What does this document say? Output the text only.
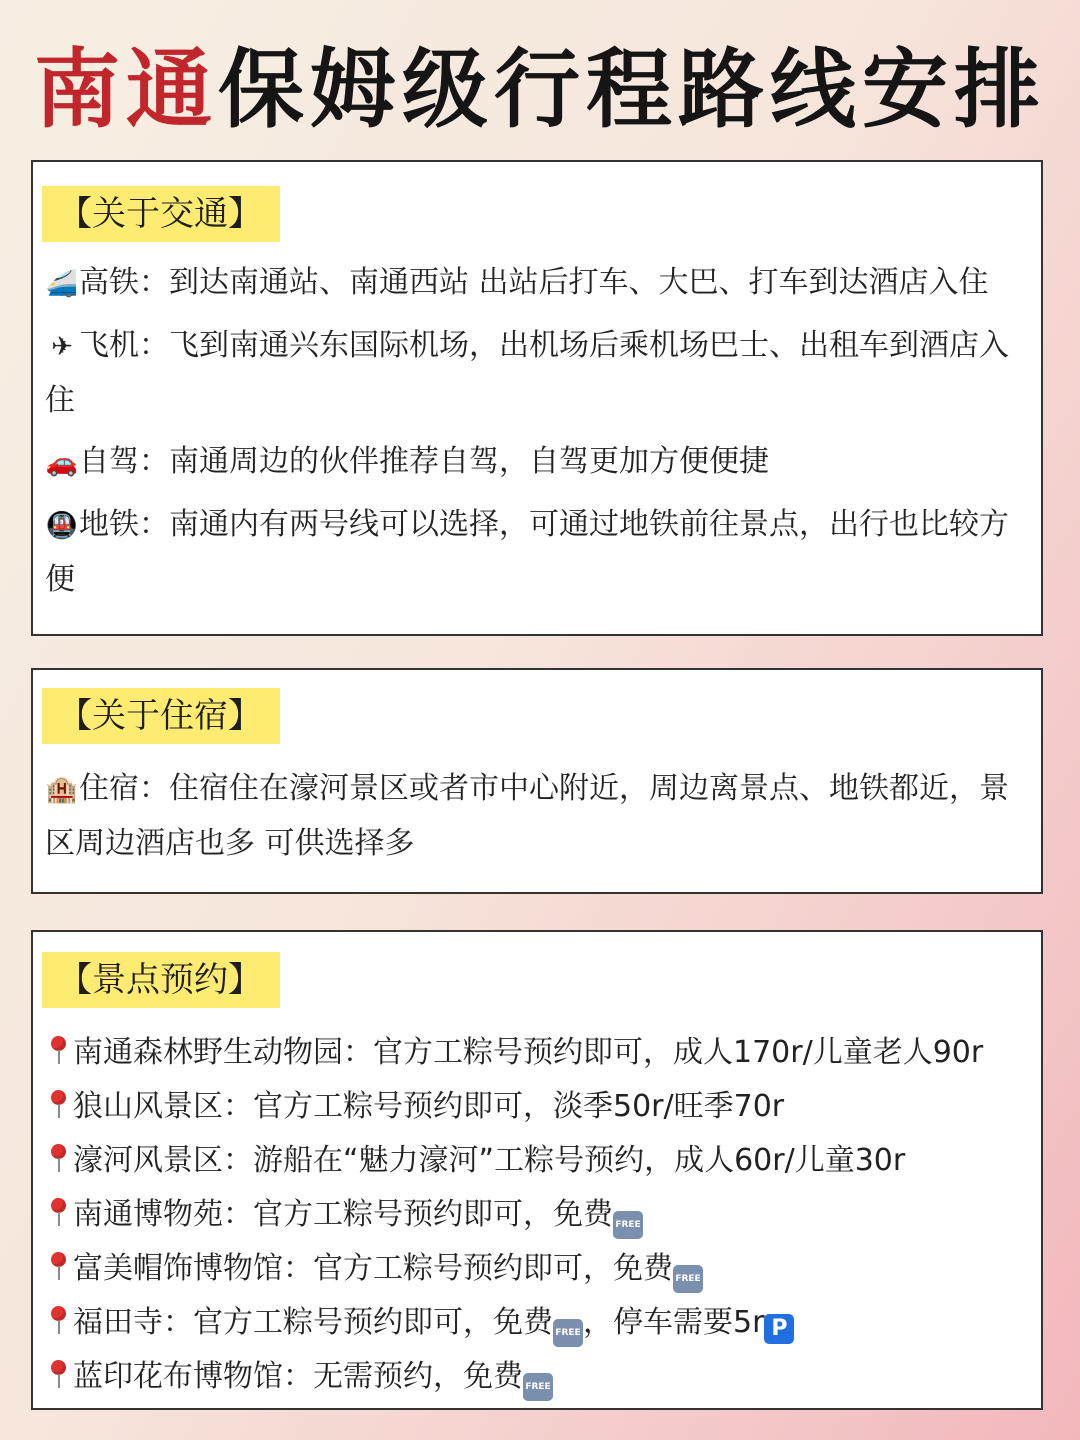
南通 保姆级行程路线安排
【关于交通】
🚄高铁：到达南通站、南通西站 出站后打车、大巴、打车到达酒店入住
✈ 飞机：飞到南通兴东国际机场，出机场后乘机场巴士、出租车到酒店入住
🚗自驾：南通周边的伙伴推荐自驾，自驾更加方便便捷
🚇地铁：南通内有两号线可以选择，可通过地铁前往景点，出行也比较方便
【关于住宿】
🏨住宿：住宿住在濠河景区或者市中心附近，周边离景点、地铁都近，景区周边酒店也多 可供选择多
【景点预约】
南通森林野生动物园：官方工粽号预约即可，成人170r/儿童老人90r
狼山风景区：官方工粽号预约即可，淡季50r/旺季70r
濠河风景区：游船在“魅力濠河”工粽号预约，成人60r/儿童30r
南通博物苑：官方工粽号预约即可，免费 FREE
富美帽饰博物馆：官方工粽号预约即可，免费 FREE
福田寺：官方工粽号预约即可，免费 FREE，停车需要5r P
蓝印花布博物馆：无需预约，免费 FREE
